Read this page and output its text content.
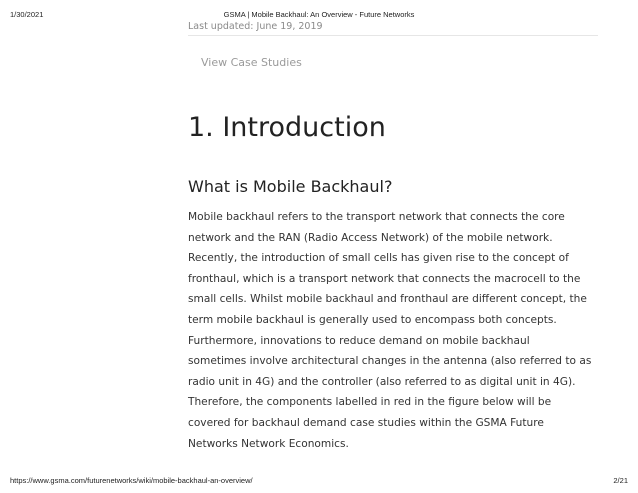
1/30/2021	GSMA | Mobile Backhaul: An Overview - Future Networks
Last updated: June 19, 2019
View Case Studies
1. Introduction
What is Mobile Backhaul?

Mobile backhaul refers to the transport network that connects the core
network and the RAN (Radio Access Network) of the mobile network.
Recently, the introduction of small cells has given rise to the concept of
fronthaul, which is a transport network that connects the macrocell to the
small cells. Whilst mobile backhaul and fronthaul are different concept, the
term mobile backhaul is generally used to encompass both concepts.
Furthermore, innovations to reduce demand on mobile backhaul
sometimes involve architectural changes in the antenna (also referred to as
radio unit in 4G) and the controller (also referred to as digital unit in 4G).
Therefore, the components labelled in red in the figure below will be
covered for backhaul demand case studies within the GSMA Future
Networks Network Economics.

https://www.gsma.com/futurenetworks/wiki/mobile-backhaul-an-overview/	2/21
